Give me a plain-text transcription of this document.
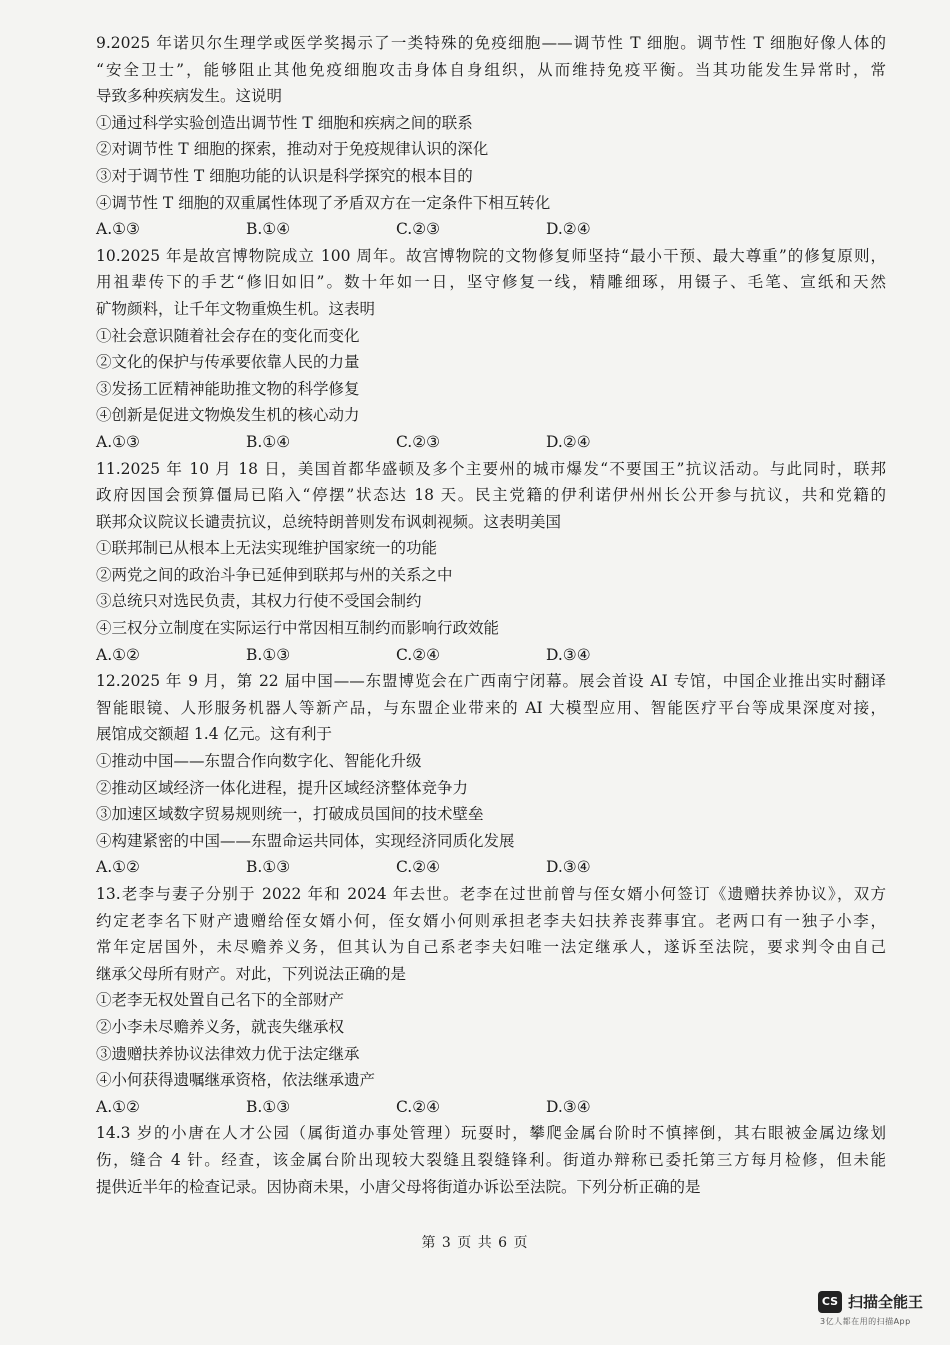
9.2025 年诺贝尔生理学或医学奖揭示了一类特殊的免疫细胞——调节性 T 细胞。调节性 T 细胞好像人体的
“安全卫士”，能够阻止其他免疫细胞攻击身体自身组织，从而维持免疫平衡。当其功能发生异常时，常
导致多种疾病发生。这说明
①通过科学实验创造出调节性 T 细胞和疾病之间的联系
②对调节性 T 细胞的探索，推动对于免疫规律认识的深化
③对于调节性 T 细胞功能的认识是科学探究的根本目的
④调节性 T 细胞的双重属性体现了矛盾双方在一定条件下相互转化
A.①③	B.①④	C.②③	D.②④
10.2025 年是故宫博物院成立 100 周年。故宫博物院的文物修复师坚持“最小干预、最大尊重”的修复原则，
用祖辈传下的手艺“修旧如旧”。数十年如一日，坚守修复一线，精雕细琢，用镊子、毛笔、宣纸和天然
矿物颜料，让千年文物重焕生机。这表明
①社会意识随着社会存在的变化而变化
②文化的保护与传承要依靠人民的力量
③发扬工匠精神能助推文物的科学修复
④创新是促进文物焕发生机的核心动力
A.①③	B.①④	C.②③	D.②④
11.2025 年 10 月 18 日，美国首都华盛顿及多个主要州的城市爆发“不要国王”抗议活动。与此同时，联邦
政府因国会预算僵局已陷入“停摆”状态达 18 天。民主党籍的伊利诺伊州州长公开参与抗议，共和党籍的
联邦众议院议长谴责抗议，总统特朗普则发布讽刺视频。这表明美国
①联邦制已从根本上无法实现维护国家统一的功能
②两党之间的政治斗争已延伸到联邦与州的关系之中
③总统只对选民负责，其权力行使不受国会制约
④三权分立制度在实际运行中常因相互制约而影响行政效能
A.①②	B.①③	C.②④	D.③④
12.2025 年 9 月，第 22 届中国——东盟博览会在广西南宁闭幕。展会首设 AI 专馆，中国企业推出实时翻译
智能眼镜、人形服务机器人等新产品，与东盟企业带来的 AI 大模型应用、智能医疗平台等成果深度对接，
展馆成交额超 1.4 亿元。这有利于
①推动中国——东盟合作向数字化、智能化升级
②推动区域经济一体化进程，提升区域经济整体竞争力
③加速区域数字贸易规则统一，打破成员国间的技术壁垒
④构建紧密的中国——东盟命运共同体，实现经济同质化发展
A.①②	B.①③	C.②④	D.③④
13.老李与妻子分别于 2022 年和 2024 年去世。老李在过世前曾与侄女婿小何签订《遗赠扶养协议》，双方
约定老李名下财产遗赠给侄女婿小何，侄女婿小何则承担老李夫妇扶养丧葬事宜。老两口有一独子小李，
常年定居国外，未尽赡养义务，但其认为自己系老李夫妇唯一法定继承人，遂诉至法院，要求判令由自己
继承父母所有财产。对此，下列说法正确的是
①老李无权处置自己名下的全部财产
②小李未尽赡养义务，就丧失继承权
③遗赠扶养协议法律效力优于法定继承
④小何获得遗嘱继承资格，依法继承遗产
A.①②	B.①③	C.②④	D.③④
14.3 岁的小唐在人才公园（属街道办事处管理）玩耍时，攀爬金属台阶时不慎摔倒，其右眼被金属边缘划
伤，缝合 4 针。经查，该金属台阶出现较大裂缝且裂缝锋利。街道办辩称已委托第三方每月检修，但未能
提供近半年的检查记录。因协商未果，小唐父母将街道办诉讼至法院。下列分析正确的是
第 3 页 共 6 页
CS 扫描全能王
3亿人都在用的扫描App
